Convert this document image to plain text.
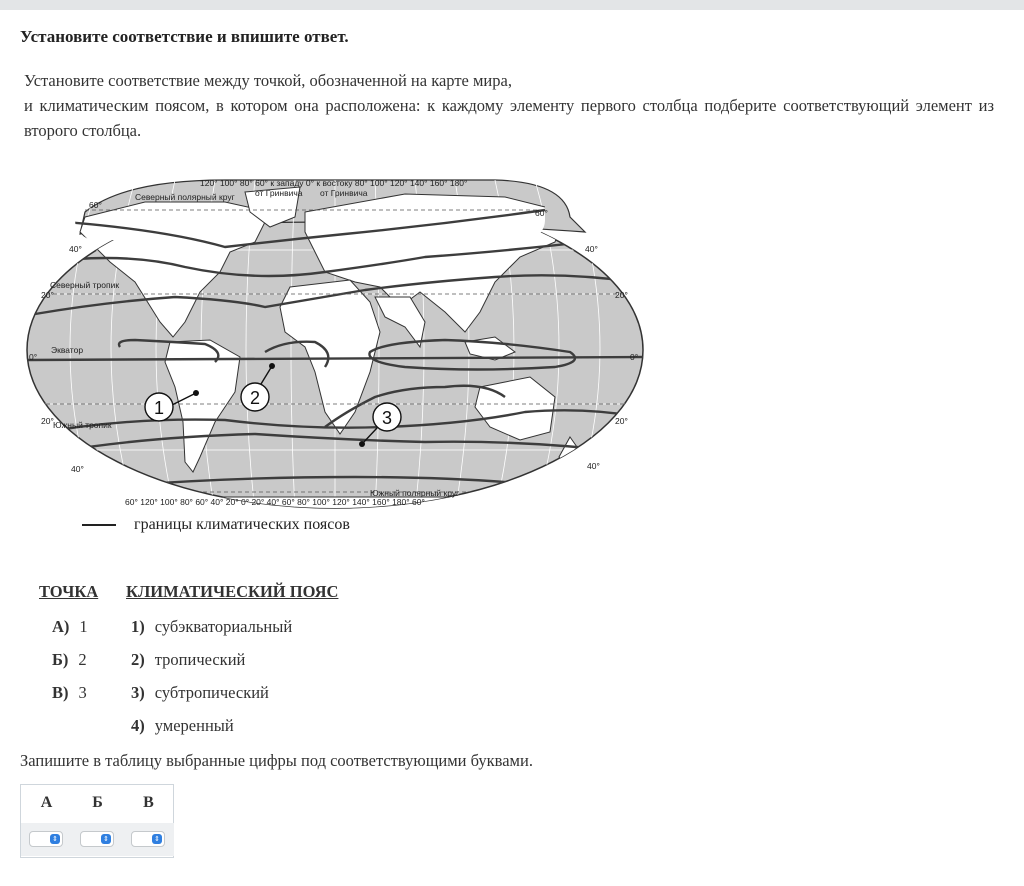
Установите соответствие и впишите ответ.

Установите соответствие между точкой, обозначенной на карте мира,

и климатическим поясом, в котором она расположена: к каждому элементу первого столбца подберите соответствующий элемент из второго столбца.

120° 100° 80° 60° к западу 0° к востоку 80° 100° 120° 140° 160° 180°
от Гринвича от Гринвича
60° 120° 100° 80° 60° 40° 20° 0° 20° 40° 60° 80° 100° 120° 140° 160° 180° 60°
Северный полярный круг
Южный полярный круг
Северный тропик
Южный тропик
Экватор
60°
40°
20°
0°
20°
40°
60°
40°
20°
0°
20°
40°
1	2
3
границы климатических поясов
ТОЧКА КЛИМАТИЧЕСКИЙ ПОЯС
А) 1
Б) 2
В) 3
1) субэкваториальный
2) тропический
3) субтропический
4) умеренный
Запишите в таблицу выбранные цифры под соответствующими буквами.
А	Б	В
⇕	⇕	⇕
